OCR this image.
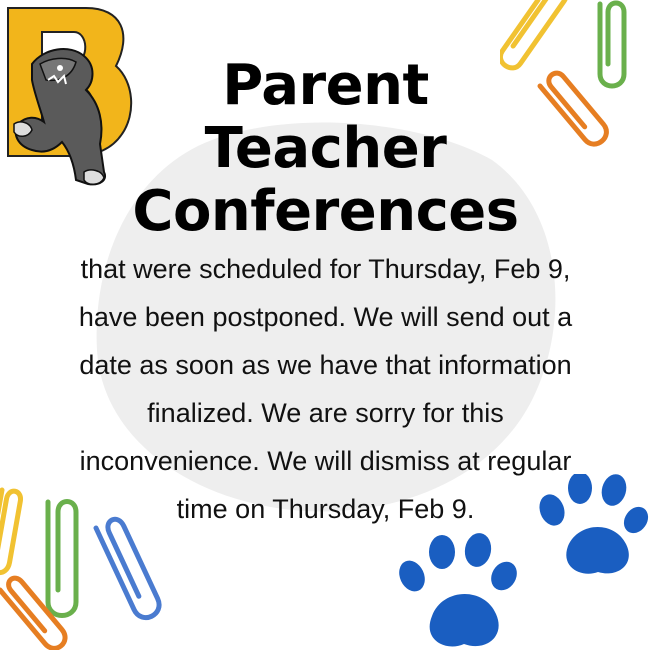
Parent
Teacher
Conferences
that were scheduled for Thursday, Feb 9,
have been postponed. We will send out a
date as soon as we have that information
finalized. We are sorry for this
inconvenience. We will dismiss at regular
time on Thursday, Feb 9.
